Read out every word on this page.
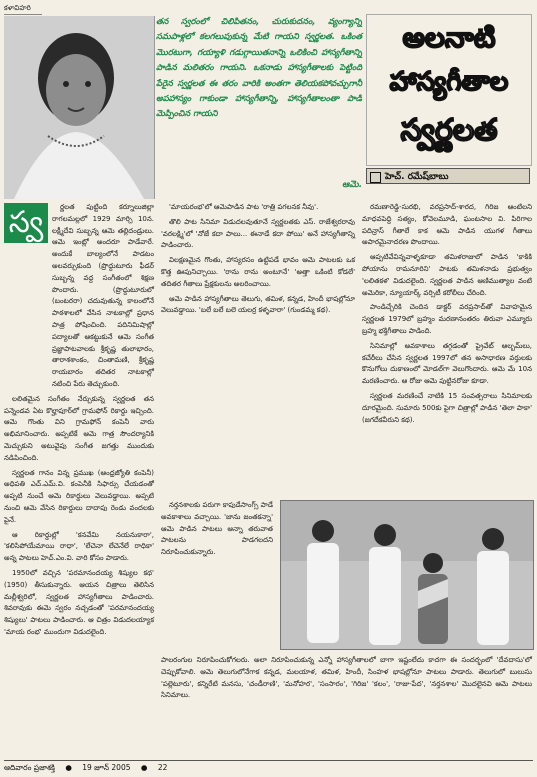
కళావిహరి
తన స్వరంలో చిలిపితనం, చురుకుదనం, వ్యంగ్యాన్ని సమపాళ్లలో కలగలుపుకున్న మేటి గాయని స్వర్ణలత. ఒకింత మొరటుగా, గయ్యాళి గడుగ్గాయితనాన్ని ఒలికించి హాస్యగీతాన్ని పాడిన మలితరం గాయని. ఒకనాడు హాస్యగీతాలకు పెట్టింది పేరైన స్వర్ణలత ఈ తరం వారికి అంతగా తెలియకపోవచ్చుగానీ అపహాస్యం గాకుండా హాస్యగీతాన్ని, హాస్యగీతాలంతా పాడి మెప్పించిన గాయని
ఆమె.
అలనాటి
హాస్యగీతాల
స్వర్ణలత
హెచ్. రమేష్‌బాబు
స్వ	ర్ణలత పుట్టింది కర్నూలుజిల్లా రాగలమల్లలో 1929 మార్చి 10న. లక్ష్మీదేవి సుబ్బన్న ఆమె తల్లిదండ్రులు. ఆమె ఇంట్లో అందరూ పాడేవారే. అందుకే బాల్యంలోనే పాడటం అలవర్చుకుంది (ప్రొద్దుటూరు ఫీడర్ సుబ్బన్న వద్ద సంగీతంలో శిక్షణ పొందారు. (ప్రొద్దుటూరులో (బంటరరా) చదువుతున్న కాలంలోనే పాఠశాలలో వేసిన నాటకాల్లో ప్రధాన పాత్ర పోషించింది. పదినిమిషాల్లో పద్యాలతో ఆకట్టుకునే ఆమె సంగీత ప్రజ్ఞాపాటవాలకు శ్రీకృష్ణ తులాభారం, తారాశశాంకం, చింతామణి, శ్రీకృష్ణ రాయబారం తదితర నాటకాల్లో నటించి పేరు తెచ్చుకుంది.

లలితమైన సంగీతం నేర్చుకున్న స్వర్ణలత తన పన్నెండవ ఏట కొల్హాపూర్‌లో గ్రామఫోన్ రికార్డు ఇచ్చింది. ఆమె గొంతు విని గ్రామఫోన్ కంపెనీ వారు అభిమానించారు. అప్పటికే ఆమె గాత్ర సౌందర్యానికి మెచ్చుకుని అటువైపు సంగీత జగత్తు ముందుకు నడిపించింది.

స్వర్ణలత గానం విన్న ప్రముఖ (ఆంధ్రజ్యోతి కంపెనీ) అధిపతి ఎచ్.ఎమ్.వి. కంపెనీకి సిఫార్సు చేయడంతో అప్పటి నుంచే ఆమె రికార్డులు వెలువడ్డాయి. అప్పటి నుంచి ఆమె వేసిన రికార్డులు దాదాపు రెండు వందలకు పైనే.

ఆ రికార్డుల్లో 'కనవేమి నయనుకారా', 'కలిసిపోయేమాయి రాధా', 'లేచెనా లేచెనేలే రాధికా' అన్న పాటలు హెచ్.ఎం.వి. వారి కోసం పాడారు.

1950లో వచ్చిన 'పరమానందయ్య శిష్యుల కథ' (1950) తీసుకున్నారు. ఆయన చిత్రాలు తెలిసిన మల్లీశ్వరిలో, స్వర్ణలత హాస్యగీతాలు పాడించారు. శివరావుకు ఈమె స్వరం నచ్చడంతో 'పరమానందయ్య శిష్యులు' పాటలు పాడించారు. ఆ చిత్రం విడుదలయ్యాక 'మాయ రంభ' ముందుగా విడుదలైంది.

'మాయరంభ'లో ఆమెపాడిన పాట 'రాత్రి పగలనక నీవు'.

తొలి పాట సినిమా విడుదలవుతూనే స్వర్ణలతకు ఎస్. రాజేశ్వరరావు 'వరలక్ష్మి'లో 'నోజే కదా పాలు... ఈనాడే కదా పోయి' అనే హాస్యగీతాన్ని పాడించారు.

విలక్షణమైన గొంతు, హాస్యరసం ఉట్టిపడే భావం ఆమె పాటలకు ఒక కొత్త ఊపునిచ్చాయి. 'రాను రాను అంటూనే' 'అత్తా ఒకింటి కోడలే' తదితర గీతాలు ప్రేక్షకులను అలరించాయి.

ఆమె పాడిన హాస్యగీతాలు తెలుగు, తమిళ, కన్నడ, హిందీ భాషల్లోనూ వెలువడ్డాయి. 'బలే బలే బలె యలర్ర కళ్ళవారా' (గుండమ్మ కథ).

రమణారెడ్డి-సురభి, వరప్రసాద్-శారద, గిరిజ ఆంటిలని మాధవపెద్ది సత్యం, కోవెలమూడి, ఘంటసాల వి. పిరిగాల పదిన్రాస్ గీతాలే కాక ఆమె పాడిన యుగళ గీతాలు అపారమైనాదరణ పొందాయి.

ఆప్పటివేవిన్నవాళ్ళకూడా తమిళరాజులో పాడిన 'కాకికి పోయాను రామనూరిని' పాటకు తమిళనాడు ప్రభుత్వం 'లలితకళ' విడుదలైంది. స్వర్ణలత పాడిన ఆణిముత్యాల వంటి అమెరికా, న్యూయార్క్ వర్సిటీ కరోలీలు చేరింది.

పాండిచ్చేరికి చెందిన డాక్టర్ వరప్రసాద్‌తో వివాహమైన స్వర్ణలత 1979లో బ్రహ్మం మరణానంతరం తిరువా ఎమ్మూరు బ్రహ్మ భక్తిగీతాలు పాడింది.

సినిమాల్లో అవకాశాలు తగ్గడంతో ప్రైవేట్ ఆల్బమ్‌లు, కచేరీలు చేసిన స్వర్ణలత 1997లో తన అసాధారణ వర్తులకు కొనుగోలు దుకాణంలో మోడల్‌గా వెలుగొందారు. ఆమె మే 10న మరణించారు. ఆ రోజు ఆమె పుట్టినరోజు కూడా.

స్వర్ణలత మరణించే నాటికి 15 సంవత్సరాలు సినిమాలకు దూరమైంది. సుమారు 500కు పైగా చిత్రాల్లో పాడిన 'తెలా పాకా' (జగదేకవీరుని కథ).

నర్తనశాలకు పరుగా కాపుడేసాంగ్స్ పాడే అవకాశాలు వచ్చాయి. 'జాను జంతకన్నా' ఆమె పాడిన పాటలు ఆన్నా తరువాత పాటలను పాడగలదని నిరూపించుకున్నారు.

పాలరంగుల నిరూపించుకోగలరు. అలా నిరూపించుకున్న ఎన్నో హాస్యగీతాలలో బాగా ఇష్టంలేదు కాదగా ఈ సందర్భంలో 'దేవదాసు'లో చెప్పుకోవాలి. ఆమె తెలుగులోనేగాక కన్నడ, మలయాళ, తమిళ, హిందీ, సింహళ భాషల్లోనూ పాటలు పాడారు. తెలుగులో బులుసు 'పల్లెటూరు', కన్నిరేటి మనసు, 'చండీరాణి', 'మనోహర', 'సంసారం', 'గిరిజ' 'కలం', 'రాజు-పేద', 'నర్తనశాల' మొదలైనవి ఆమె పాటలు సినిమాలు.
ఆదివారం ప్రజాశక్తి ● 19 జూన్ 2005 ● 22
